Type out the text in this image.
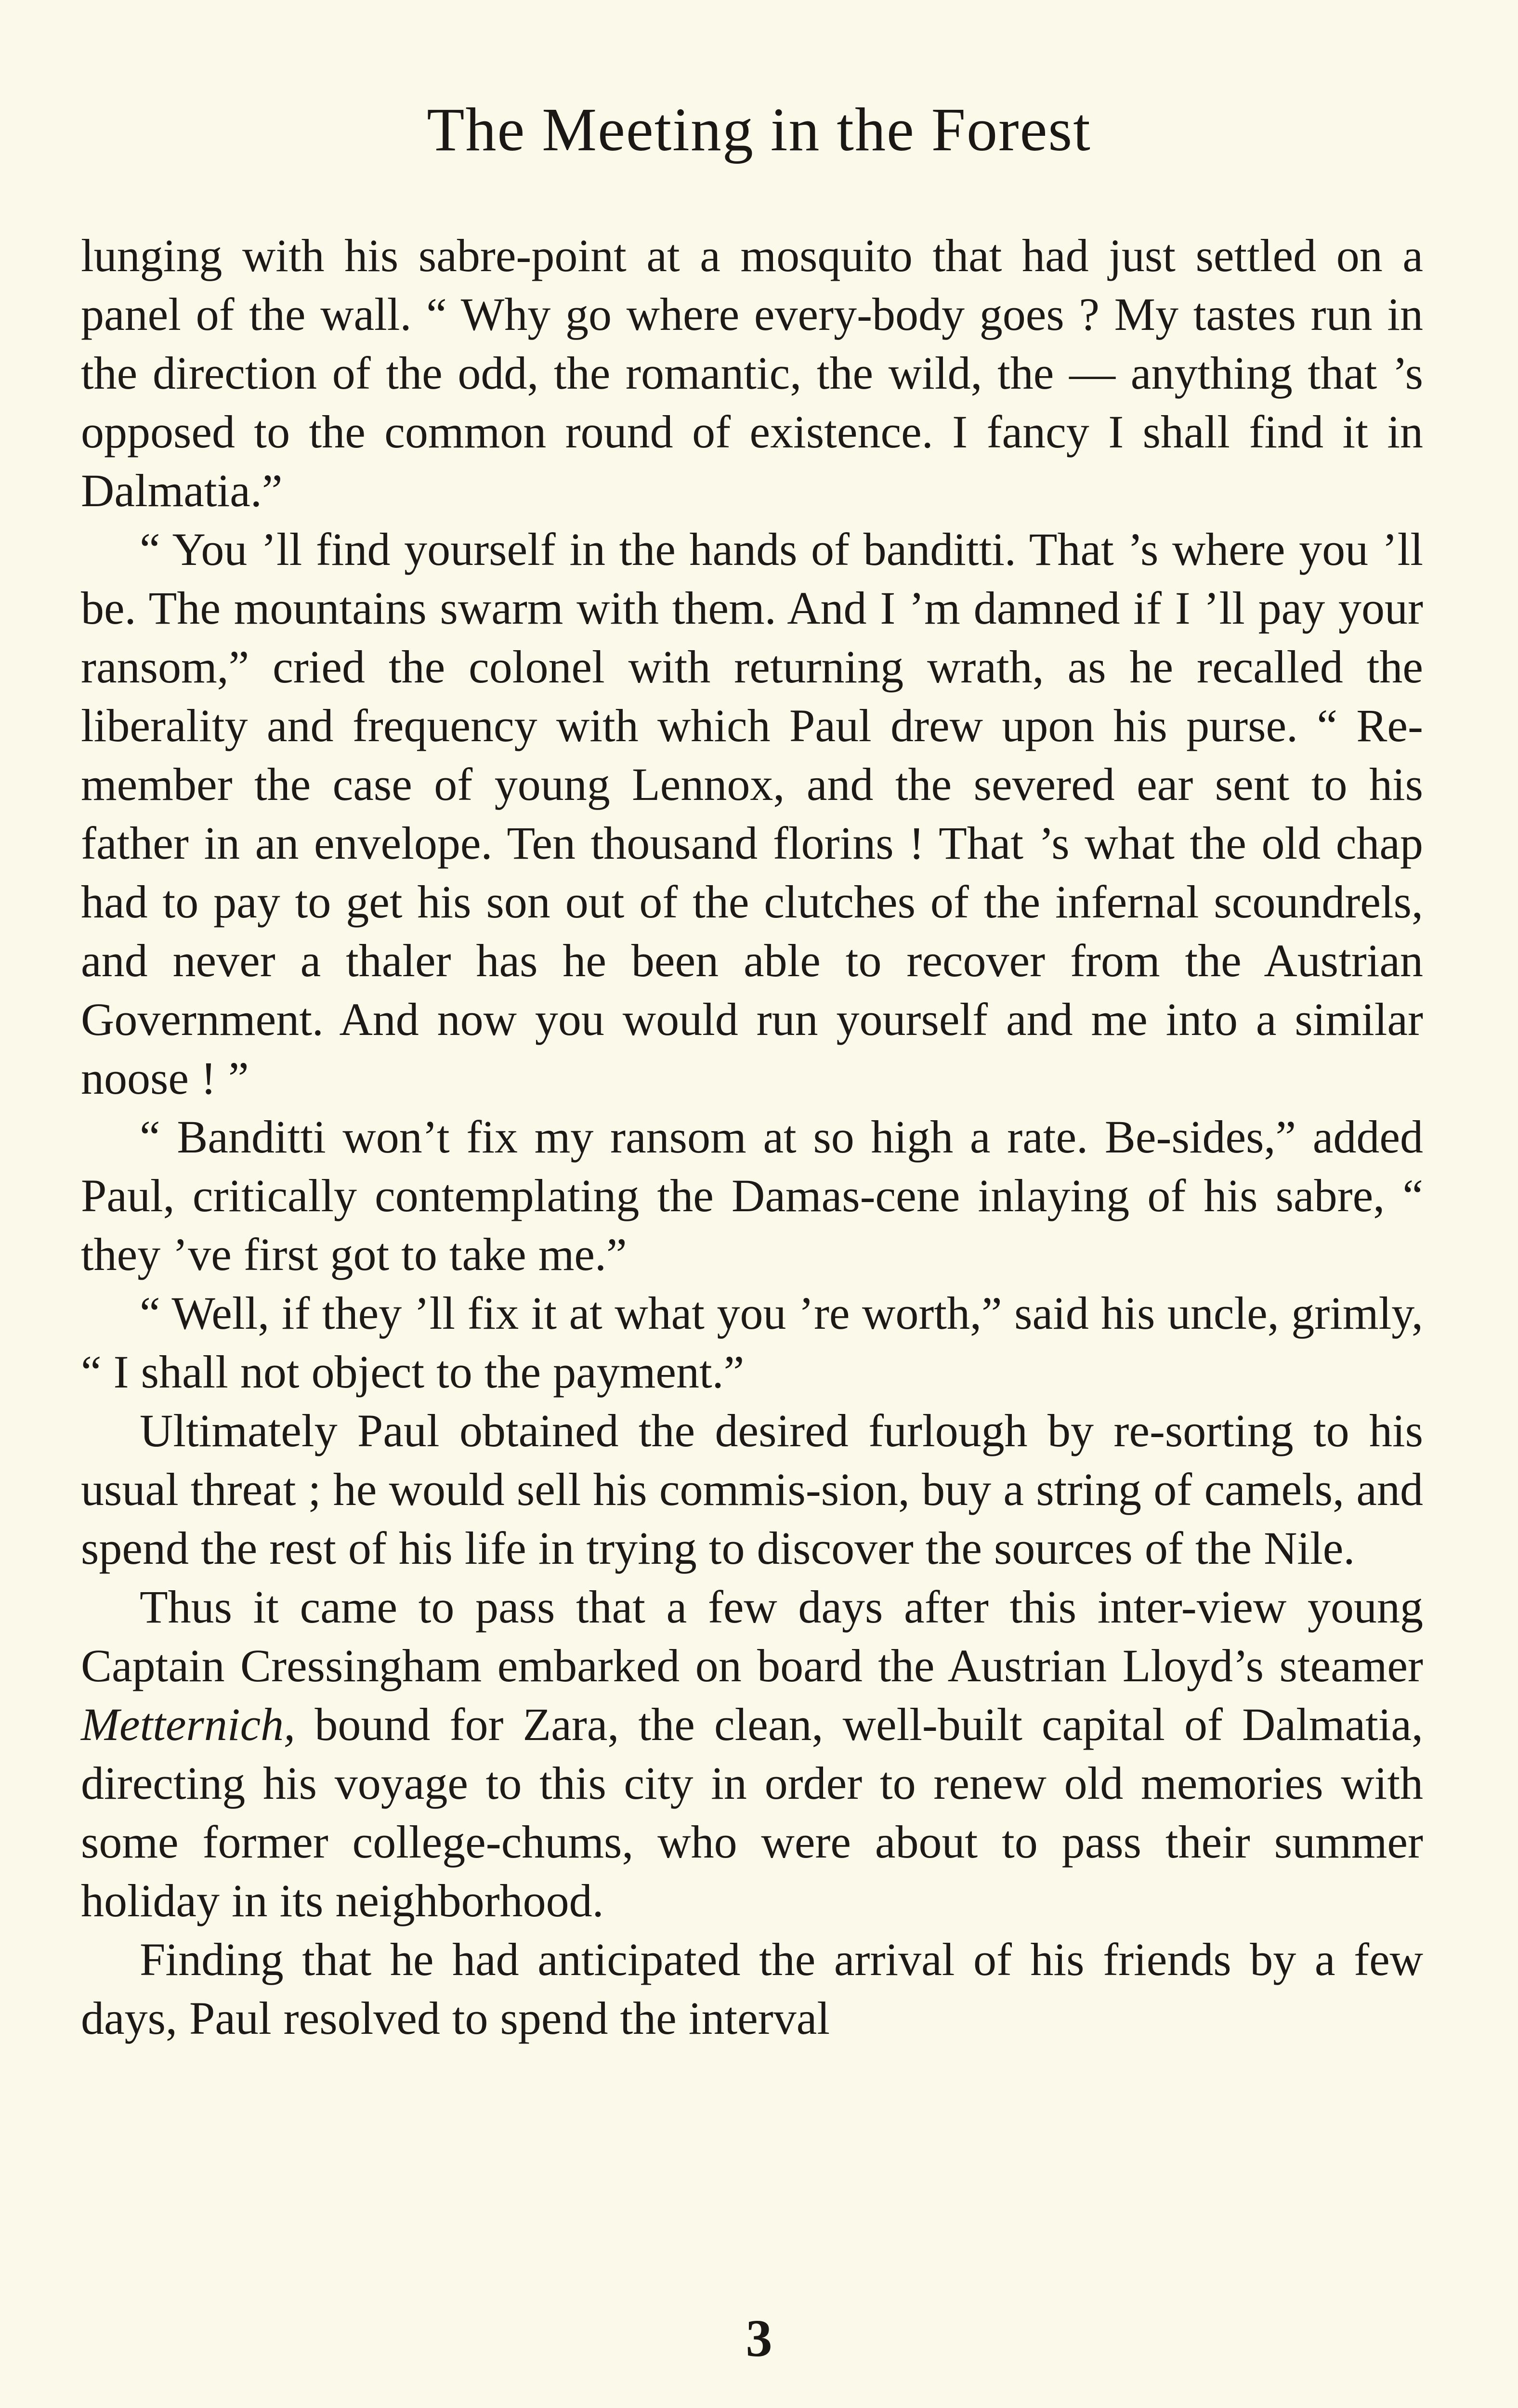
The Meeting in the Forest

lunging with his sabre-point at a mosquito that had just settled on a panel of the wall. “ Why go where every-body goes ? My tastes run in the direction of the odd, the romantic, the wild, the — anything that ’s opposed to the common round of existence. I fancy I shall find it in Dalmatia.”

“ You ’ll find yourself in the hands of banditti. That ’s where you ’ll be. The mountains swarm with them. And I ’m damned if I ’ll pay your ransom,” cried the colonel with returning wrath, as he recalled the liberality and frequency with which Paul drew upon his purse. “ Re-member the case of young Lennox, and the severed ear sent to his father in an envelope. Ten thousand florins ! That ’s what the old chap had to pay to get his son out of the clutches of the infernal scoundrels, and never a thaler has he been able to recover from the Austrian Government. And now you would run yourself and me into a similar noose ! ”

“ Banditti won’t fix my ransom at so high a rate. Be-sides,” added Paul, critically contemplating the Damas-cene inlaying of his sabre, “ they ’ve first got to take me.”

“ Well, if they ’ll fix it at what you ’re worth,” said his uncle, grimly, “ I shall not object to the payment.”

Ultimately Paul obtained the desired furlough by re-sorting to his usual threat ; he would sell his commis-sion, buy a string of camels, and spend the rest of his life in trying to discover the sources of the Nile.

Thus it came to pass that a few days after this inter-view young Captain Cressingham embarked on board the Austrian Lloyd’s steamer Metternich, bound for Zara, the clean, well-built capital of Dalmatia, directing his voyage to this city in order to renew old memories with some former college-chums, who were about to pass their summer holiday in its neighborhood.

Finding that he had anticipated the arrival of his friends by a few days, Paul resolved to spend the interval

3
